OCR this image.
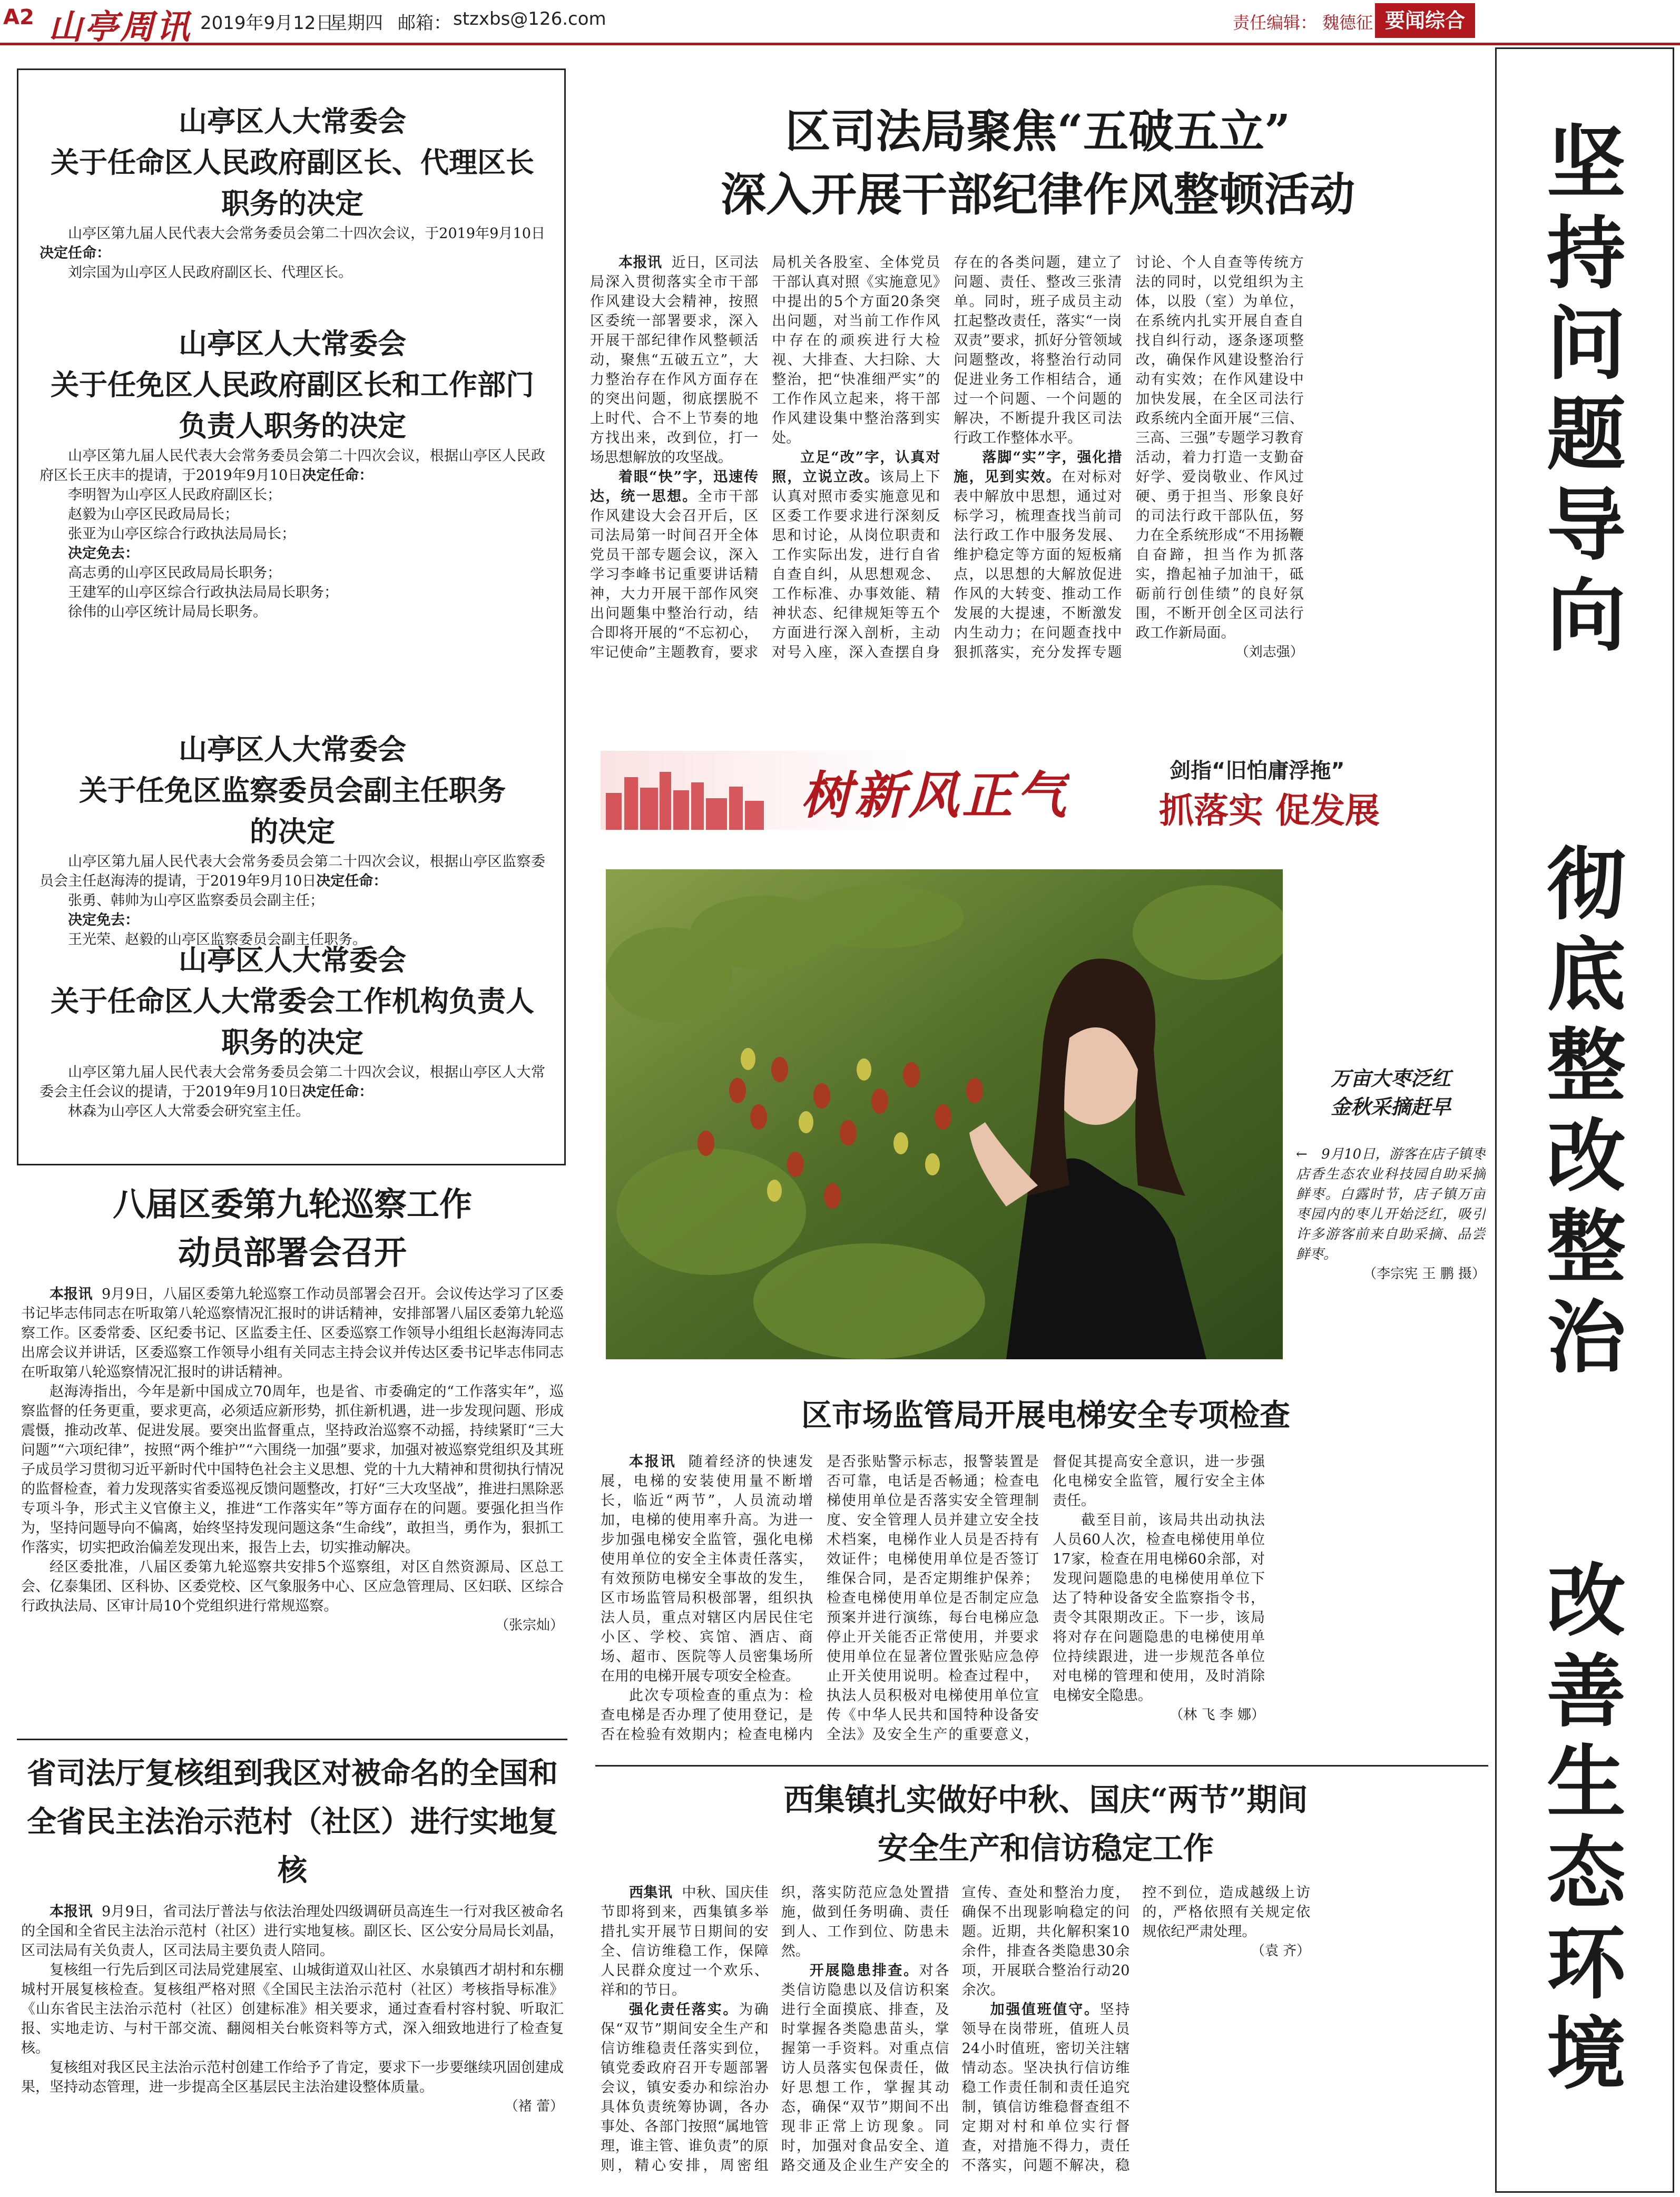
A2 山亭周讯 2019年9月12日
星期四 邮箱： stzxbs@126.com	责任编辑： 魏德征 要闻综合
坚持问题导向
彻底整改整治
改善生态环境
山亭区人大常委会
关于任命区人民政府副区长、代理区长
职务的决定

山亭区第九届人民代表大会常务委员会第二十四次会议，于2019年9月10日决定任命：

刘宗国为山亭区人民政府副区长、代理区长。

山亭区人大常委会
关于任免区人民政府副区长和工作部门
负责人职务的决定

山亭区第九届人民代表大会常务委员会第二十四次会议，根据山亭区人民政府区长王庆丰的提请，于2019年9月10日决定任命：

李明智为山亭区人民政府副区长；

赵毅为山亭区民政局局长；

张亚为山亭区综合行政执法局局长；

决定免去：

高志勇的山亭区民政局局长职务；

王建军的山亭区综合行政执法局局长职务；

徐伟的山亭区统计局局长职务。

山亭区人大常委会
关于任免区监察委员会副主任职务
的决定

山亭区第九届人民代表大会常务委员会第二十四次会议，根据山亭区监察委员会主任赵海涛的提请，于2019年9月10日决定任命：

张勇、韩帅为山亭区监察委员会副主任；

决定免去：

王光荣、赵毅的山亭区监察委员会副主任职务。

山亭区人大常委会
关于任命区人大常委会工作机构负责人
职务的决定

山亭区第九届人民代表大会常务委员会第二十四次会议，根据山亭区人大常委会主任会议的提请，于2019年9月10日决定任命：

林森为山亭区人大常委会研究室主任。

八届区委第九轮巡察工作
动员部署会召开

本报讯 9月9日，八届区委第九轮巡察工作动员部署会召开。会议传达学习了区委书记毕志伟同志在听取第八轮巡察情况汇报时的讲话精神，安排部署八届区委第九轮巡察工作。区委常委、区纪委书记、区监委主任、区委巡察工作领导小组组长赵海涛同志出席会议并讲话，区委巡察工作领导小组有关同志主持会议并传达区委书记毕志伟同志在听取第八轮巡察情况汇报时的讲话精神。

赵海涛指出，今年是新中国成立70周年，也是省、市委确定的“工作落实年”，巡察监督的任务更重，要求更高，必须适应新形势，抓住新机遇，进一步发现问题、形成震慑，推动改革、促进发展。要突出监督重点，坚持政治巡察不动摇，持续紧盯“三大问题”“六项纪律”，按照“两个维护”“六围绕一加强”要求，加强对被巡察党组织及其班子成员学习贯彻习近平新时代中国特色社会主义思想、党的十九大精神和贯彻执行情况的监督检查，着力发现落实省委巡视反馈问题整改，打好“三大攻坚战”，推进扫黑除恶专项斗争，形式主义官僚主义，推进“工作落实年”等方面存在的问题。要强化担当作为，坚持问题导向不偏离，始终坚持发现问题这条“生命线”，敢担当，勇作为，狠抓工作落实，切实把政治偏差发现出来，报告上去，切实推动解决。

经区委批准，八届区委第九轮巡察共安排5个巡察组，对区自然资源局、区总工会、亿泰集团、区科协、区委党校、区气象服务中心、区应急管理局、区妇联、区综合行政执法局、区审计局10个党组织进行常规巡察。

（张宗灿）

省司法厅复核组到我区对被命名的全国和
全省民主法治示范村（社区）进行实地复核

本报讯 9月9日，省司法厅普法与依法治理处四级调研员高连生一行对我区被命名的全国和全省民主法治示范村（社区）进行实地复核。副区长、区公安分局局长刘晶，区司法局有关负责人，区司法局主要负责人陪同。

复核组一行先后到区司法局党建展室、山城街道双山社区、水泉镇西才胡村和东棚城村开展复核检查。复核组严格对照《全国民主法治示范村（社区）考核指导标准》《山东省民主法治示范村（社区）创建标准》相关要求，通过查看村容村貌、听取汇报、实地走访、与村干部交流、翻阅相关台帐资料等方式，深入细致地进行了检查复核。

复核组对我区民主法治示范村创建工作给予了肯定，要求下一步要继续巩固创建成果，坚持动态管理，进一步提高全区基层民主法治建设整体质量。

（褚 蕾）

区司法局聚焦“五破五立”
深入开展干部纪律作风整顿活动

本报讯 近日，区司法局深入贯彻落实全市干部作风建设大会精神，按照区委统一部署要求，深入开展干部纪律作风整顿活动，聚焦“五破五立”，大力整治存在作风方面存在的突出问题，彻底摆脱不上时代、合不上节奏的地方找出来，改到位，打一场思想解放的攻坚战。

着眼“快”字，迅速传达，统一思想。全市干部作风建设大会召开后，区司法局第一时间召开全体党员干部专题会议，深入学习李峰书记重要讲话精神，大力开展干部作风突出问题集中整治行动，结合即将开展的“不忘初心，牢记使命”主题教育，要求局机关各股室、全体党员干部认真对照《实施意见》中提出的5个方面20条突出问题，对当前工作作风中存在的顽疾进行大检视、大排查、大扫除、大整治，把“快准细严实”的工作作风立起来，将干部作风建设集中整治落到实处。

立足“改”字，认真对照，立说立改。该局上下认真对照市委实施意见和区委工作要求进行深刻反思和讨论，从岗位职责和工作实际出发，进行自省自查自纠，从思想观念、工作标准、办事效能、精神状态、纪律规矩等五个方面进行深入剖析，主动对号入座，深入查摆自身存在的各类问题，建立了问题、责任、整改三张清单。同时，班子成员主动扛起整改责任，落实“一岗双责”要求，抓好分管领域问题整改，将整治行动同促进业务工作相结合，通过一个问题、一个问题的解决，不断提升我区司法行政工作整体水平。

落脚“实”字，强化措施，见到实效。在对标对表中解放中思想，通过对标学习，梳理查找当前司法行政工作中服务发展、维护稳定等方面的短板痛点，以思想的大解放促进作风的大转变、推动工作发展的大提速，不断激发内生动力；在问题查找中狠抓落实，充分发挥专题讨论、个人自查等传统方法的同时，以党组织为主体，以股（室）为单位，在系统内扎实开展自查自找自纠行动，逐条逐项整改，确保作风建设整治行动有实效；在作风建设中加快发展，在全区司法行政系统内全面开展“三信、三高、三强”专题学习教育活动，着力打造一支勤奋好学、爱岗敬业、作风过硬、勇于担当、形象良好的司法行政干部队伍，努力在全系统形成“不用扬鞭自奋蹄，担当作为抓落实，撸起袖子加油干，砥砺前行创佳绩”的良好氛围，不断开创全区司法行政工作新局面。

（刘志强）

树新风正气	剑指“旧怕庸浮拖”
抓落实 促发展

万亩大枣泛红

金秋采摘赶早

←　9月10日，游客在店子镇枣店香生态农业科技园自助采摘鲜枣。白露时节，店子镇万亩枣园内的枣儿开始泛红，吸引许多游客前来自助采摘、品尝鲜枣。

（李宗宪 王 鹏 摄）

区市场监管局开展电梯安全专项检查

本报讯 随着经济的快速发展，电梯的安装使用量不断增长，临近“两节”，人员流动增加，电梯的使用率升高。为进一步加强电梯安全监管，强化电梯使用单位的安全主体责任落实，有效预防电梯安全事故的发生，区市场监管局积极部署，组织执法人员，重点对辖区内居民住宅小区、学校、宾馆、酒店、商场、超市、医院等人员密集场所在用的电梯开展专项安全检查。

此次专项检查的重点为：检查电梯是否办理了使用登记，是否在检验有效期内；检查电梯内是否张贴警示标志，报警装置是否可靠，电话是否畅通；检查电梯使用单位是否落实安全管理制度、安全管理人员并建立安全技术档案，电梯作业人员是否持有效证件；电梯使用单位是否签订维保合同，是否定期维护保养；检查电梯使用单位是否制定应急预案并进行演练，每台电梯应急停止开关能否正常使用，并要求使用单位在显著位置张贴应急停止开关使用说明。检查过程中，执法人员积极对电梯使用单位宣传《中华人民共和国特种设备安全法》及安全生产的重要意义，督促其提高安全意识，进一步强化电梯安全监管，履行安全主体责任。

截至目前，该局共出动执法人员60人次，检查电梯使用单位17家，检查在用电梯60余部，对发现问题隐患的电梯使用单位下达了特种设备安全监察指令书，责令其限期改正。下一步，该局将对存在问题隐患的电梯使用单位持续跟进，进一步规范各单位对电梯的管理和使用，及时消除电梯安全隐患。

（林 飞 李 娜）

西集镇扎实做好中秋、国庆“两节”期间
安全生产和信访稳定工作

西集讯 中秋、国庆佳节即将到来，西集镇多举措扎实开展节日期间的安全、信访维稳工作，保障人民群众度过一个欢乐、祥和的节日。

强化责任落实。为确保“双节”期间安全生产和信访维稳责任落实到位，镇党委政府召开专题部署会议，镇安委办和综治办具体负责统筹协调，各办事处、各部门按照“属地管理，谁主管、谁负责”的原则，精心安排，周密组织，落实防范应急处置措施，做到任务明确、责任到人、工作到位、防患未然。

开展隐患排查。对各类信访隐患以及信访积案进行全面摸底、排查，及时掌握各类隐患苗头，掌握第一手资料。对重点信访人员落实包保责任，做好思想工作，掌握其动态，确保“双节”期间不出现非正常上访现象。同时，加强对食品安全、道路交通及企业生产安全的宣传、查处和整治力度，确保不出现影响稳定的问题。近期，共化解积案10余件，排查各类隐患30余项，开展联合整治行动20余次。

加强值班值守。坚持领导在岗带班，值班人员24小时值班，密切关注辖情动态。坚决执行信访维稳工作责任制和责任追究制，镇信访维稳督查组不定期对村和单位实行督查，对措施不得力，责任不落实，问题不解决，稳控不到位，造成越级上访的，严格依照有关规定依规依纪严肃处理。

（袁 齐）
